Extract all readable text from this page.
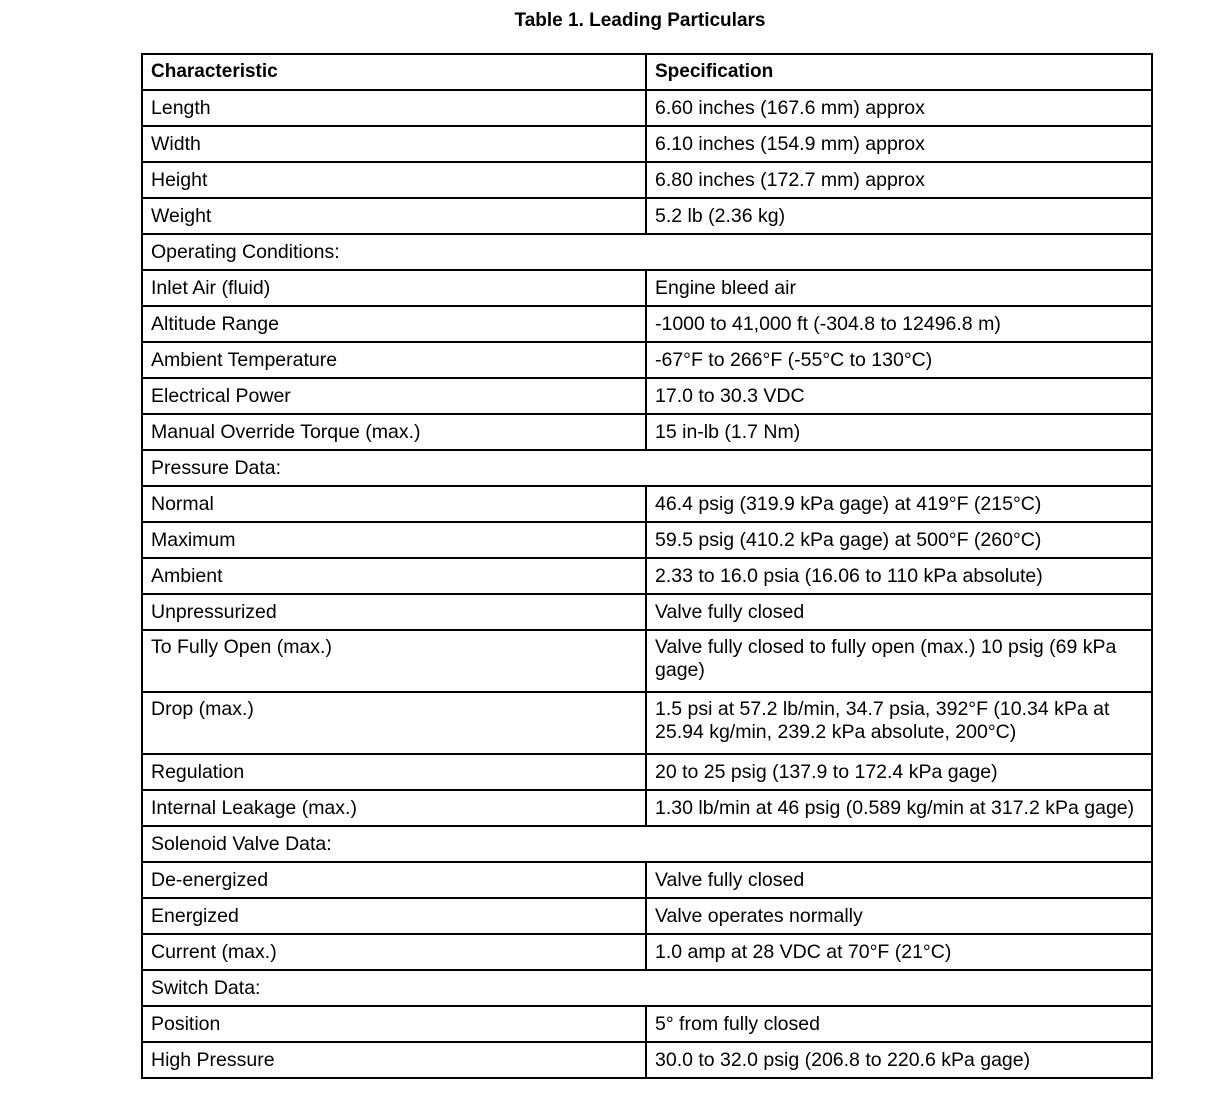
Table 1. Leading Particulars
Characteristic	Specification
Length	6.60 inches (167.6 mm) approx
Width	6.10 inches (154.9 mm) approx
Height	6.80 inches (172.7 mm) approx
Weight	5.2 lb (2.36 kg)
Operating Conditions:	
Inlet Air (fluid)	Engine bleed air
Altitude Range	-1000 to 41,000 ft (-304.8 to 12496.8 m)
Ambient Temperature	-67°F to 266°F (-55°C to 130°C)
Electrical Power	17.0 to 30.3 VDC
Manual Override Torque (max.)	15 in-lb (1.7 Nm)
Pressure Data:	
Normal	46.4 psig (319.9 kPa gage) at 419°F (215°C)
Maximum	59.5 psig (410.2 kPa gage) at 500°F (260°C)
Ambient	2.33 to 16.0 psia (16.06 to 110 kPa absolute)
Unpressurized	Valve fully closed
To Fully Open (max.)	Valve fully closed to fully open (max.) 10 psig (69 kPa gage)
Drop (max.)	1.5 psi at 57.2 lb/min, 34.7 psia, 392°F (10.34 kPa at 25.94 kg/min, 239.2 kPa absolute, 200°C)
Regulation	20 to 25 psig (137.9 to 172.4 kPa gage)
Internal Leakage (max.)	1.30 lb/min at 46 psig (0.589 kg/min at 317.2 kPa gage)
Solenoid Valve Data:	
De-energized	Valve fully closed
Energized	Valve operates normally
Current (max.)	1.0 amp at 28 VDC at 70°F (21°C)
Switch Data:	
Position	5° from fully closed
High Pressure	30.0 to 32.0 psig (206.8 to 220.6 kPa gage)
